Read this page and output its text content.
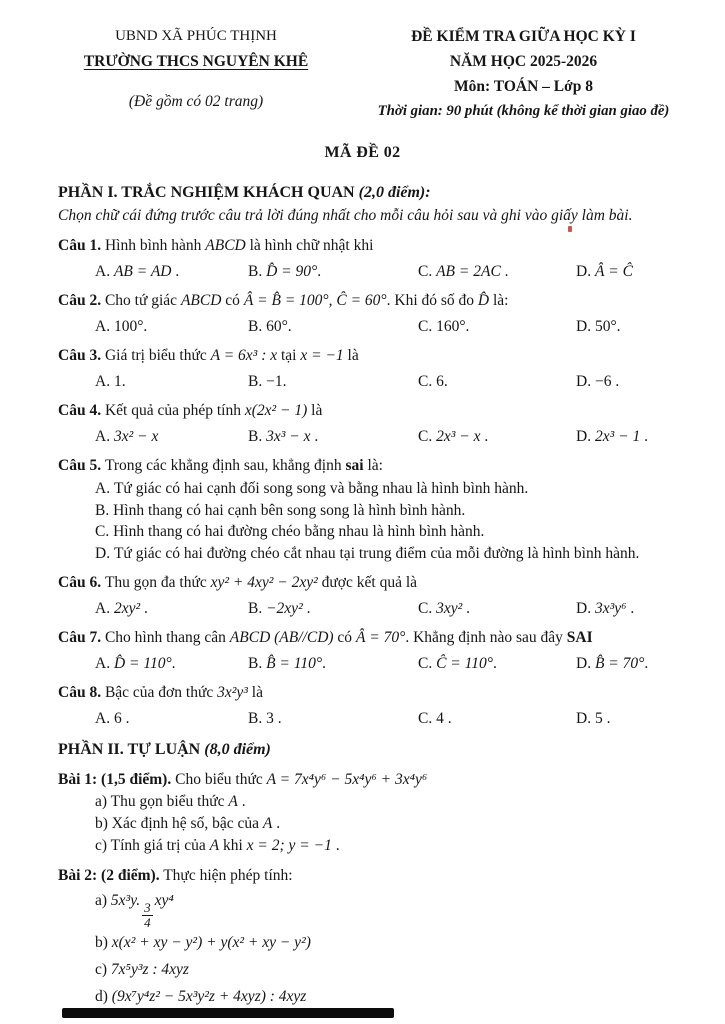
UBND XÃ PHÚC THỊNH
TRƯỜNG THCS NGUYÊN KHÊ
(Đề gồm có 02 trang)
ĐỀ KIỂM TRA GIỮA HỌC KỲ I
NĂM HỌC 2025-2026
Môn: TOÁN – Lớp 8
Thời gian: 90 phút (không kể thời gian giao đề)
MÃ ĐỀ 02
PHẦN I. TRẮC NGHIỆM KHÁCH QUAN (2,0 điểm):
Chọn chữ cái đứng trước câu trả lời đúng nhất cho mỗi câu hỏi sau và ghi vào giấy làm bài.
Câu 1. Hình bình hành ABCD là hình chữ nhật khi
A. AB = AD .	B. D̂ = 90°.	C. AB = 2AC .	D. Â = Ĉ
Câu 2. Cho tứ giác ABCD có Â = B̂ = 100°, Ĉ = 60°. Khi đó số đo D̂ là:
A. 100°.	B. 60°.	C. 160°.	D. 50°.
Câu 3. Giá trị biểu thức A = 6x³ : x tại x = −1 là
A. 1.	B. −1.	C. 6.	D. −6 .
Câu 4. Kết quả của phép tính x(2x² − 1) là
A. 3x² − x	B. 3x³ − x .	C. 2x³ − x .	D. 2x³ − 1 .
Câu 5. Trong các khẳng định sau, khẳng định sai là:
A. Tứ giác có hai cạnh đối song song và bằng nhau là hình bình hành.
B. Hình thang có hai cạnh bên song song là hình bình hành.
C. Hình thang có hai đường chéo bằng nhau là hình bình hành.
D. Tứ giác có hai đường chéo cắt nhau tại trung điểm của mỗi đường là hình bình hành.
Câu 6. Thu gọn đa thức xy² + 4xy² − 2xy² được kết quả là
A. 2xy² .	B. −2xy² .	C. 3xy² .	D. 3x³y⁶ .
Câu 7. Cho hình thang cân ABCD (AB//CD) có Â = 70°. Khẳng định nào sau đây SAI
A. D̂ = 110°.	B. B̂ = 110°.	C. Ĉ = 110°.	D. B̂ = 70°.
Câu 8. Bậc của đơn thức 3x²y³ là
A. 6 .	B. 3 .	C. 4 .	D. 5 .
PHẦN II. TỰ LUẬN (8,0 điểm)
Bài 1: (1,5 điểm). Cho biểu thức A = 7x⁴y⁶ − 5x⁴y⁶ + 3x⁴y⁶
a) Thu gọn biểu thức A .
b) Xác định hệ số, bậc của A .
c) Tính giá trị của A khi x = 2; y = −1 .
Bài 2: (2 điểm). Thực hiện phép tính:
a) 5x³y.
$\frac{3}{4}$
xy⁴
b) x(x² + xy − y²) + y(x² + xy − y²)
c) 7x⁵y³z : 4xyz
d) (9x⁷y⁴z² − 5x³y²z + 4xyz) : 4xyz
